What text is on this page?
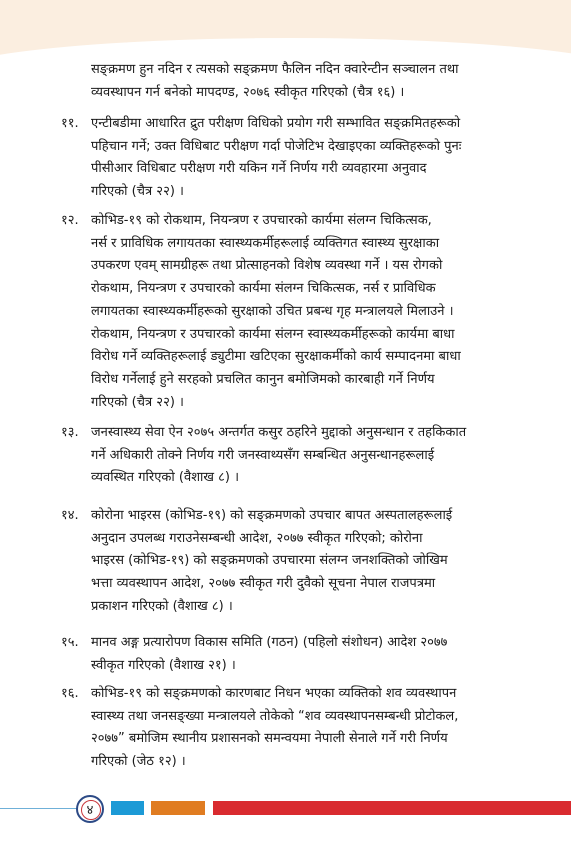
सङ्क्रमण हुन नदिन र त्यसको सङ्क्रमण फैलिन नदिन क्वारेन्टीन सञ्चालन तथा
व्यवस्थापन गर्न बनेको मापदण्ड, २०७६ स्वीकृत गरिएको (चैत्र १६) ।
११. एन्टीबडीमा आधारित द्रुत परीक्षण विधिको प्रयोग गरी सम्भावित सङ्क्रमितहरूको
पहिचान गर्ने; उक्त विधिबाट परीक्षण गर्दा पोजेटिभ देखाइएका व्यक्तिहरूको पुनः
पीसीआर विधिबाट परीक्षण गरी यकिन गर्ने निर्णय गरी व्यवहारमा अनुवाद
गरिएको (चैत्र २२) ।
१२. कोभिड-१९ को रोकथाम, नियन्त्रण र उपचारको कार्यमा संलग्न चिकित्सक,
नर्स र प्राविधिक लगायतका स्वास्थ्यकर्मीहरूलाई व्यक्तिगत स्वास्थ्य सुरक्षाका
उपकरण एवम् सामग्रीहरू तथा प्रोत्साहनको विशेष व्यवस्था गर्ने । यस रोगको
रोकथाम, नियन्त्रण र उपचारको कार्यमा संलग्न चिकित्सक, नर्स र प्राविधिक
लगायतका स्वास्थ्यकर्मीहरूको सुरक्षाको उचित प्रबन्ध गृह मन्त्रालयले मिलाउने ।
रोकथाम, नियन्त्रण र उपचारको कार्यमा संलग्न स्वास्थ्यकर्मीहरूको कार्यमा बाधा
विरोध गर्ने व्यक्तिहरूलाई ड्युटीमा खटिएका सुरक्षाकर्मीको कार्य सम्पादनमा बाधा
विरोध गर्नेलाई हुने सरहको प्रचलित कानुन बमोजिमको कारबाही गर्ने निर्णय
गरिएको (चैत्र २२) ।
१३. जनस्वास्थ्य सेवा ऐन २०७५ अन्तर्गत कसुर ठहरिने मुद्दाको अनुसन्धान र तहकिकात
गर्ने अधिकारी तोक्ने निर्णय गरी जनस्वाथ्यसँग सम्बन्धित अनुसन्धानहरूलाई
व्यवस्थित गरिएको (वैशाख ८) ।
१४. कोरोना भाइरस (कोभिड-१९) को सङ्क्रमणको उपचार बापत अस्पतालहरूलाई
अनुदान उपलब्ध गराउनेसम्बन्धी आदेश, २०७७ स्वीकृत गरिएको; कोरोना
भाइरस (कोभिड-१९) को सङ्क्रमणको उपचारमा संलग्न जनशक्तिको जोखिम
भत्ता व्यवस्थापन आदेश, २०७७ स्वीकृत गरी दुवैको सूचना नेपाल राजपत्रमा
प्रकाशन गरिएको (वैशाख ८) ।
१५. मानव अङ्ग प्रत्यारोपण विकास समिति (गठन) (पहिलो संशोधन) आदेश २०७७
स्वीकृत गरिएको (वैशाख २१) ।
१६. कोभिड-१९ को सङ्क्रमणको कारणबाट निधन भएका व्यक्तिको शव व्यवस्थापन
स्वास्थ्य तथा जनसङ्ख्या मन्त्रालयले तोकेको “शव व्यवस्थापनसम्बन्धी प्रोटोकल,
२०७७” बमोजिम स्थानीय प्रशासनको समन्वयमा नेपाली सेनाले गर्ने गरी निर्णय
गरिएको (जेठ १२) ।
४
